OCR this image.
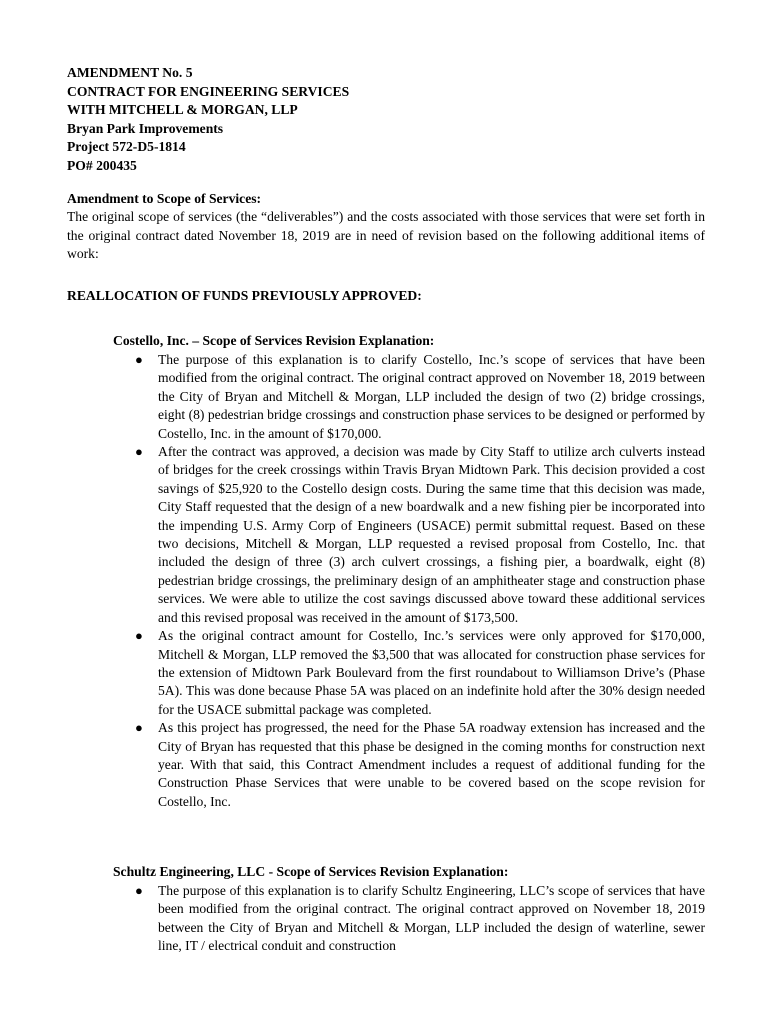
AMENDMENT No. 5
CONTRACT FOR ENGINEERING SERVICES
WITH MITCHELL & MORGAN, LLP
Bryan Park Improvements
Project 572-D5-1814
PO# 200435
Amendment to Scope of Services:
The original scope of services (the “deliverables”) and the costs associated with those services that were set forth in the original contract dated November 18, 2019 are in need of revision based on the following additional items of work:
REALLOCATION OF FUNDS PREVIOUSLY APPROVED:
Costello, Inc. – Scope of Services Revision Explanation:
● The purpose of this explanation is to clarify Costello, Inc.’s scope of services that have been modified from the original contract. The original contract approved on November 18, 2019 between the City of Bryan and Mitchell & Morgan, LLP included the design of two (2) bridge crossings, eight (8) pedestrian bridge crossings and construction phase services to be designed or performed by Costello, Inc. in the amount of $170,000.
● After the contract was approved, a decision was made by City Staff to utilize arch culverts instead of bridges for the creek crossings within Travis Bryan Midtown Park. This decision provided a cost savings of $25,920 to the Costello design costs. During the same time that this decision was made, City Staff requested that the design of a new boardwalk and a new fishing pier be incorporated into the impending U.S. Army Corp of Engineers (USACE) permit submittal request. Based on these two decisions, Mitchell & Morgan, LLP requested a revised proposal from Costello, Inc. that included the design of three (3) arch culvert crossings, a fishing pier, a boardwalk, eight (8) pedestrian bridge crossings, the preliminary design of an amphitheater stage and construction phase services. We were able to utilize the cost savings discussed above toward these additional services and this revised proposal was received in the amount of $173,500.
● As the original contract amount for Costello, Inc.’s services were only approved for $170,000, Mitchell & Morgan, LLP removed the $3,500 that was allocated for construction phase services for the extension of Midtown Park Boulevard from the first roundabout to Williamson Drive’s (Phase 5A). This was done because Phase 5A was placed on an indefinite hold after the 30% design needed for the USACE submittal package was completed.
● As this project has progressed, the need for the Phase 5A roadway extension has increased and the City of Bryan has requested that this phase be designed in the coming months for construction next year. With that said, this Contract Amendment includes a request of additional funding for the Construction Phase Services that were unable to be covered based on the scope revision for Costello, Inc.
Schultz Engineering, LLC - Scope of Services Revision Explanation:
● The purpose of this explanation is to clarify Schultz Engineering, LLC’s scope of services that have been modified from the original contract. The original contract approved on November 18, 2019 between the City of Bryan and Mitchell & Morgan, LLP included the design of waterline, sewer line, IT / electrical conduit and construction
